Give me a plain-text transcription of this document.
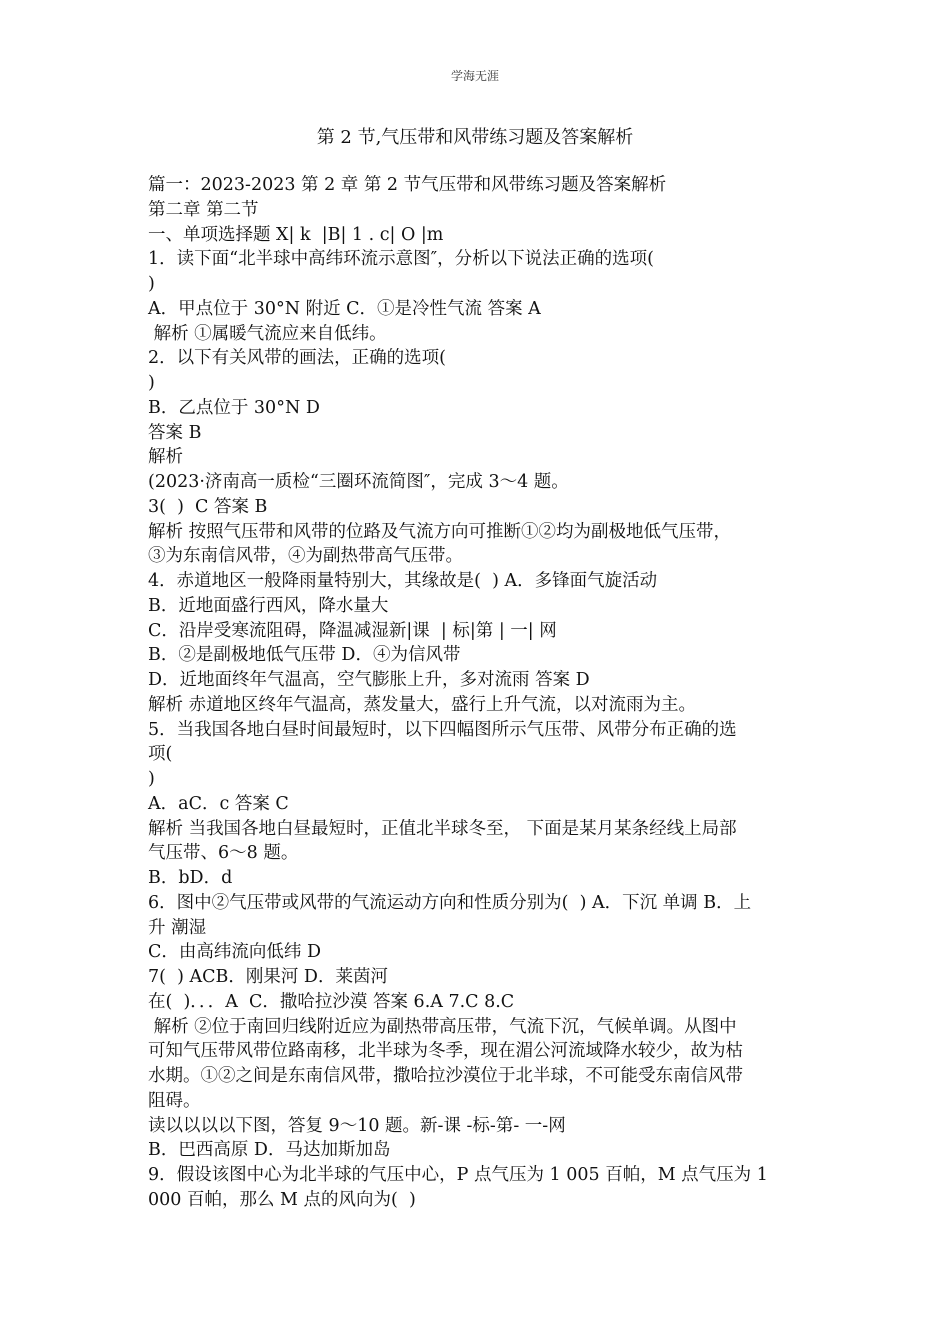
学海无涯
第 2 节,气压带和风带练习题及答案解析
篇一：2023-2023 第 2 章 第 2 节气压带和风带练习题及答案解析
第二章 第二节
一、单项选择题 X| k  |B| 1 . c| O |m
1．读下面“北半球中高纬环流示意图″，分析以下说法正确的选项(
)
A．甲点位于 30°N 附近 C．①是冷性气流 答案 A
解析 ①属暖气流应来自低纬。
2．以下有关风带的画法，正确的选项(
)
B．乙点位于 30°N D
答案 B
解析
(2023·济南高一质检“三圈环流简图″，完成 3～4 题。
3(  )  C 答案 B
解析 按照气压带和风带的位路及气流方向可推断①②均为副极地低气压带，
③为东南信风带，④为副热带高气压带。
4．赤道地区一般降雨量特别大，其缘故是(  ) A．多锋面气旋活动
B．近地面盛行西风，降水量大
C．沿岸受寒流阻碍，降温减湿新|课  | 标|第 | 一| 网
B．②是副极地低气压带 D．④为信风带
D．近地面终年气温高，空气膨胀上升，多对流雨 答案 D
解析 赤道地区终年气温高，蒸发量大，盛行上升气流，以对流雨为主。
5．当我国各地白昼时间最短时，以下四幅图所示气压带、风带分布正确的选
项(
)
A．aC．c 答案 C
解析 当我国各地白昼最短时，正值北半球冬至， 下面是某月某条经线上局部
气压带、6～8 题。
B．bD．d
6．图中②气压带或风带的气流运动方向和性质分别为(  ) A．下沉 单调 B．上
升 潮湿
C．由高纬流向低纬 D
7(  ) ACB．刚果河 D．莱茵河
在(  )．．．A  C．撒哈拉沙漠 答案 6.A 7.C 8.C
解析 ②位于南回归线附近应为副热带高压带，气流下沉，气候单调。从图中
可知气压带风带位路南移，北半球为冬季，现在湄公河流域降水较少，故为枯
水期。①②之间是东南信风带，撒哈拉沙漠位于北半球，不可能受东南信风带
阻碍。
读以以以以下图，答复 9～10 题。新-课 -标-第- 一-网
B．巴西高原 D．马达加斯加岛
9．假设该图中心为北半球的气压中心，P 点气压为 1 005 百帕，M 点气压为 1
000 百帕，那么 M 点的风向为(  )
